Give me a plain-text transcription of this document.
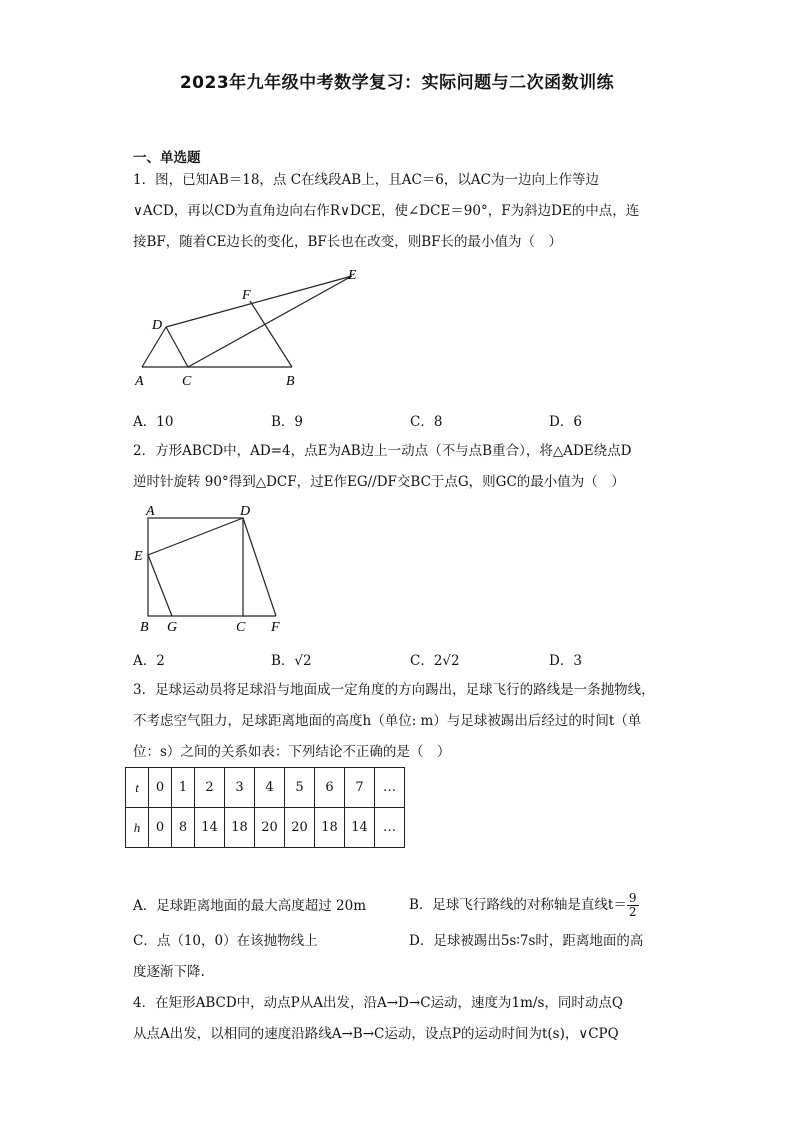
2023年九年级中考数学复习：实际问题与二次函数训练
一、单选题
1．图，已知AB＝18，点 C在线段AB上，且AC＝6，以AC为一边向上作等边
∨ACD，再以CD为直角边向右作R∨DCE，使∠DCE＝90°，F为斜边DE的中点，连
接BF，随着CE边长的变化，BF长也在改变，则BF长的最小值为（　）
A	C	B
D
F
E
A．10	B．9	C．8	D．6
2．方形ABCD中，AD=4，点E为AB边上一动点（不与点B重合），将△ADE绕点D
逆时针旋转 90°得到△DCF，过E作EG//DF交BC于点G，则GC的最小值为（　）
A	D
E
B G	C F
A．2	B．√2	C．2√2	D．3
3．足球运动员将足球沿与地面成一定角度的方向踢出，足球飞行的路线是一条抛物线，
不考虑空气阻力，足球距离地面的高度h（单位: m）与足球被踢出后经过的时间t（单
位：s）之间的关系如表：下列结论不正确的是（　）
t	0	1	2	3	4	5	6	7	…
h	0	8	14	18	20	20	18	14	…
A．足球距离地面的最大高度超过 20m	B．足球飞行路线的对称轴是直线$t= \frac{9}{2}$
C．点（10，0）在该抛物线上	D．足球被踢出5s∶7s时，距离地面的高
度逐渐下降.
4．在矩形ABCD中，动点P从A出发，沿A→D→C运动，速度为1m/s，同时动点Q
从点A出发，以相同的速度沿路线A→B→C运动，设点P的运动时间为t(s)，∨CPQ
